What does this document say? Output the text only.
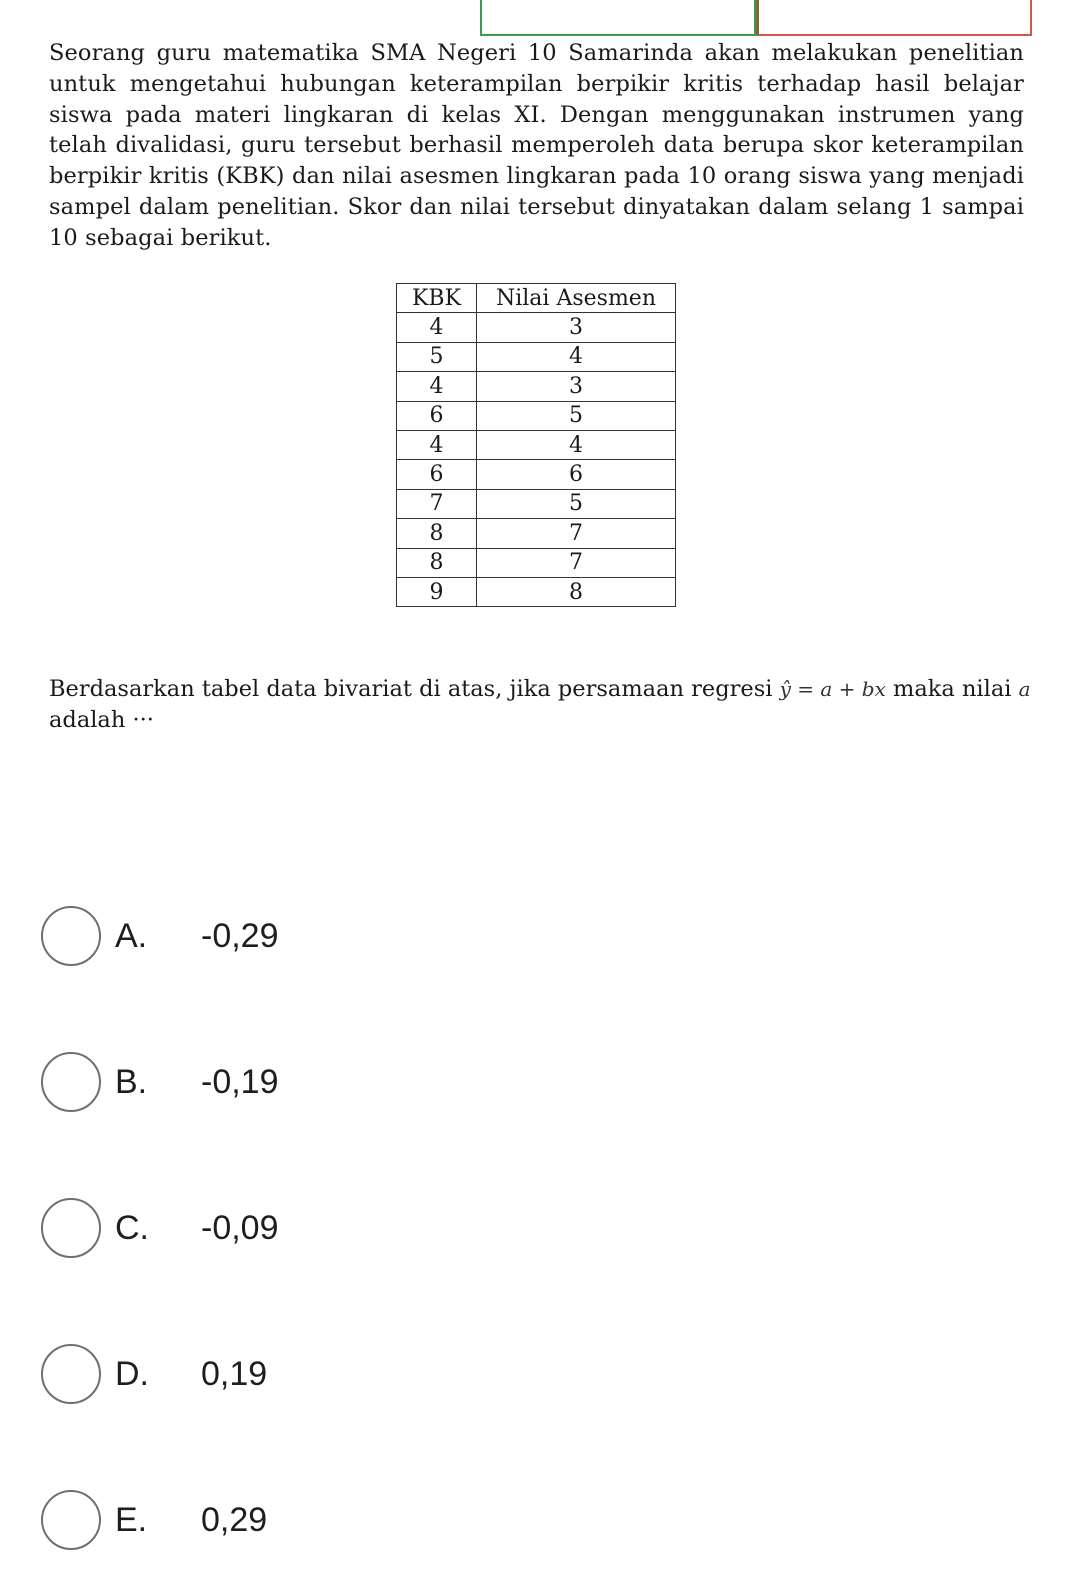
Seorang guru matematika SMA Negeri 10 Samarinda akan melakukan penelitian untuk mengetahui hubungan keterampilan berpikir kritis terhadap hasil belajar siswa pada materi lingkaran di kelas XI. Dengan menggunakan instrumen yang telah divalidasi, guru tersebut berhasil memperoleh data berupa skor keterampilan berpikir kritis (KBK) dan nilai asesmen lingkaran pada 10 orang siswa yang menjadi sampel dalam penelitian. Skor dan nilai tersebut dinyatakan dalam selang 1 sampai 10 sebagai berikut.
KBK	Nilai Asesmen
4	3
5	4
4	3
6	5
4	4
6	6
7	5
8	7
8	7
9	8
Berdasarkan tabel data bivariat di atas, jika persamaan regresi ŷ = a + bx maka nilai a adalah ···
A.	-0,29
B.	-0,19
C.	-0,09
D.	0,19
E.	0,29
